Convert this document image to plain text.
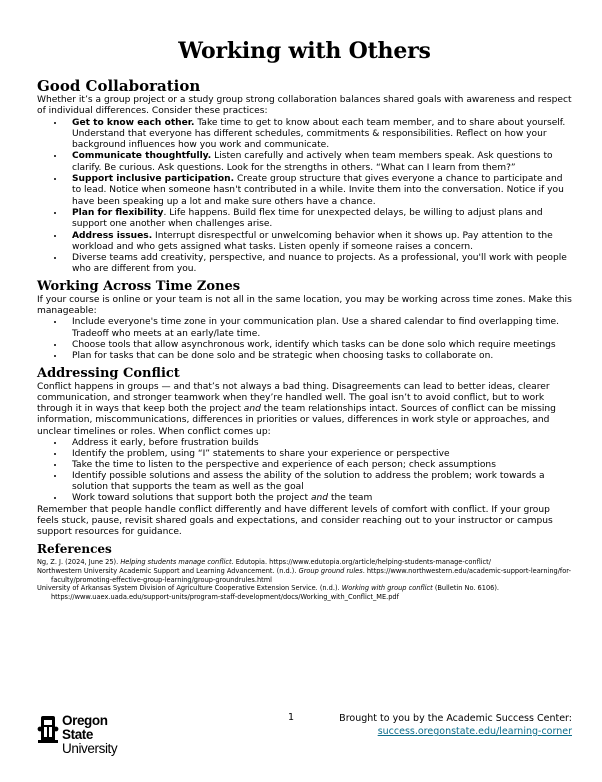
Working with Others
Good Collaboration

Whether it’s a group project or a study group strong collaboration balances shared goals with awareness and respect of individual differences. Consider these practices:

• Get to know each other. Take time to get to know about each team member, and to share about yourself. Understand that everyone has different schedules, commitments & responsibilities. Reflect on how your background influences how you work and communicate.
• Communicate thoughtfully. Listen carefully and actively when team members speak. Ask questions to clarify. Be curious. Ask questions. Look for the strengths in others. “What can I learn from them?”
• Support inclusive participation. Create group structure that gives everyone a chance to participate and to lead. Notice when someone hasn't contributed in a while. Invite them into the conversation. Notice if you have been speaking up a lot and make sure others have a chance.
• Plan for flexibility. Life happens. Build flex time for unexpected delays, be willing to adjust plans and support one another when challenges arise.
• Address issues. Interrupt disrespectful or unwelcoming behavior when it shows up. Pay attention to the workload and who gets assigned what tasks. Listen openly if someone raises a concern.
• Diverse teams add creativity, perspective, and nuance to projects. As a professional, you'll work with people who are different from you.
Working Across Time Zones

If your course is online or your team is not all in the same location, you may be working across time zones. Make this manageable:

• Include everyone's time zone in your communication plan. Use a shared calendar to find overlapping time. Tradeoff who meets at an early/late time.
• Choose tools that allow asynchronous work, identify which tasks can be done solo which require meetings
• Plan for tasks that can be done solo and be strategic when choosing tasks to collaborate on.
Addressing Conflict

Conflict happens in groups — and that’s not always a bad thing. Disagreements can lead to better ideas, clearer communication, and stronger teamwork when they’re handled well. The goal isn’t to avoid conflict, but to work through it in ways that keep both the project and the team relationships intact. Sources of conflict can be missing information, miscommunications, differences in priorities or values, differences in work style or approaches, and unclear timelines or roles. When conflict comes up:

• Address it early, before frustration builds
• Identify the problem, using “I” statements to share your experience or perspective
• Take the time to listen to the perspective and experience of each person; check assumptions
• Identify possible solutions and assess the ability of the solution to address the problem; work towards a solution that supports the team as well as the goal
• Work toward solutions that support both the project and the team

Remember that people handle conflict differently and have different levels of comfort with conflict. If your group feels stuck, pause, revisit shared goals and expectations, and consider reaching out to your instructor or campus support resources for guidance.

References

Ng, Z. J. (2024, June 25). Helping students manage conflict. Edutopia. https://www.edutopia.org/article/helping-students-manage-conflict/

Northwestern University Academic Support and Learning Advancement. (n.d.). Group ground rules. https://www.northwestern.edu/academic-support-learning/for-faculty/promoting-effective-group-learning/group-groundrules.html

University of Arkansas System Division of Agriculture Cooperative Extension Service. (n.d.). Working with group conflict (Bulletin No. 6106). https://www.uaex.uada.edu/support-units/program-staff-development/docs/Working_with_Conflict_ME.pdf

Oregon State
University
1	Brought to you by the Academic Success Center:
success.oregonstate.edu/learning-corner
